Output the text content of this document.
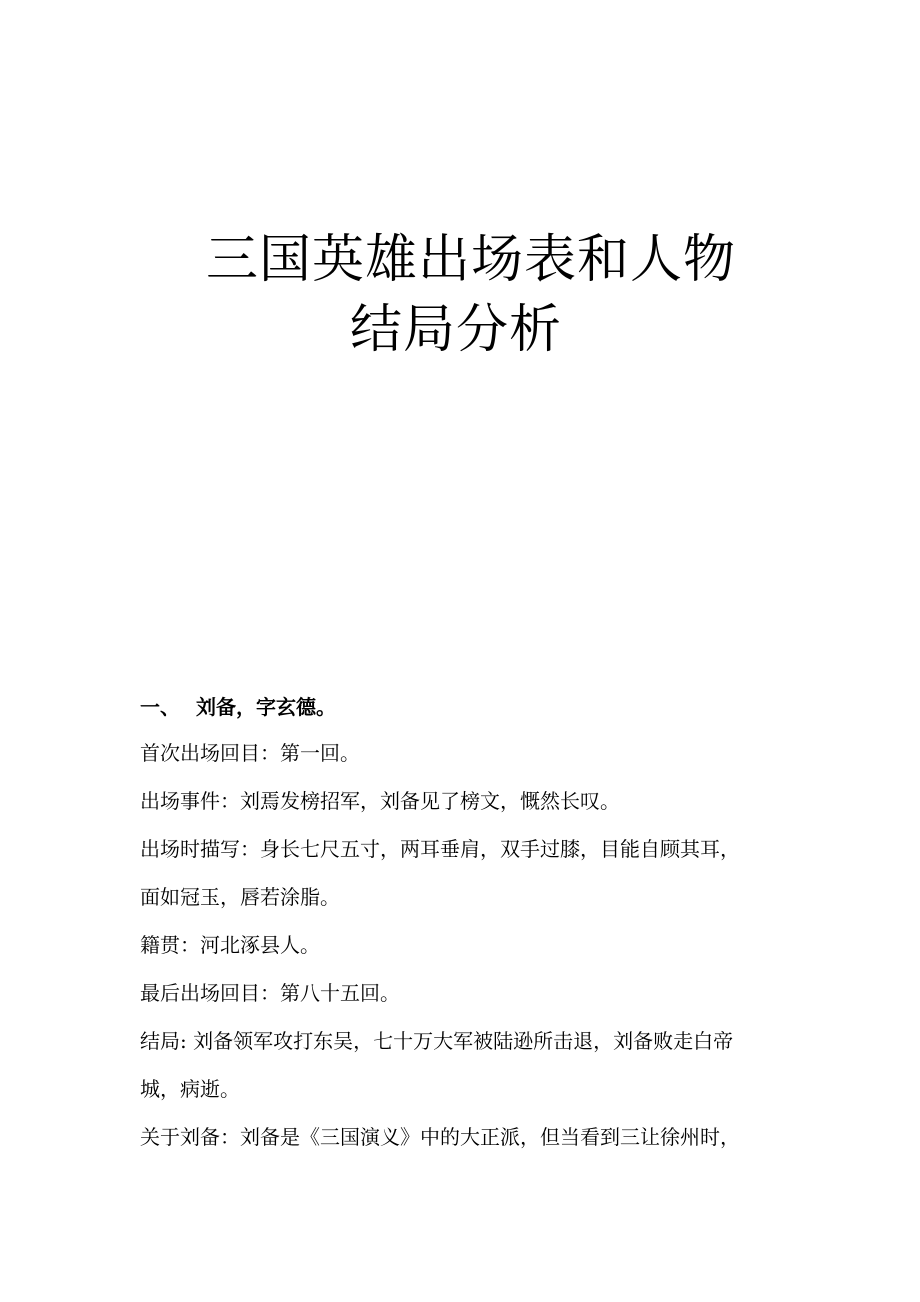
三国英雄出场表和人物
结局分析
一、 刘备，字玄德。
首次出场回目：第一回。
出场事件：刘焉发榜招军，刘备见了榜文，慨然长叹。
出场时描写：身长七尺五寸，两耳垂肩，双手过膝，目能自顾其耳，
面如冠玉，唇若涂脂。
籍贯：河北涿县人。
最后出场回目：第八十五回。
结局: 刘备领军攻打东吴，七十万大军被陆逊所击退，刘备败走白帝
城，病逝。
关于刘备：刘备是《三国演义》中的大正派，但当看到三让徐州时，
